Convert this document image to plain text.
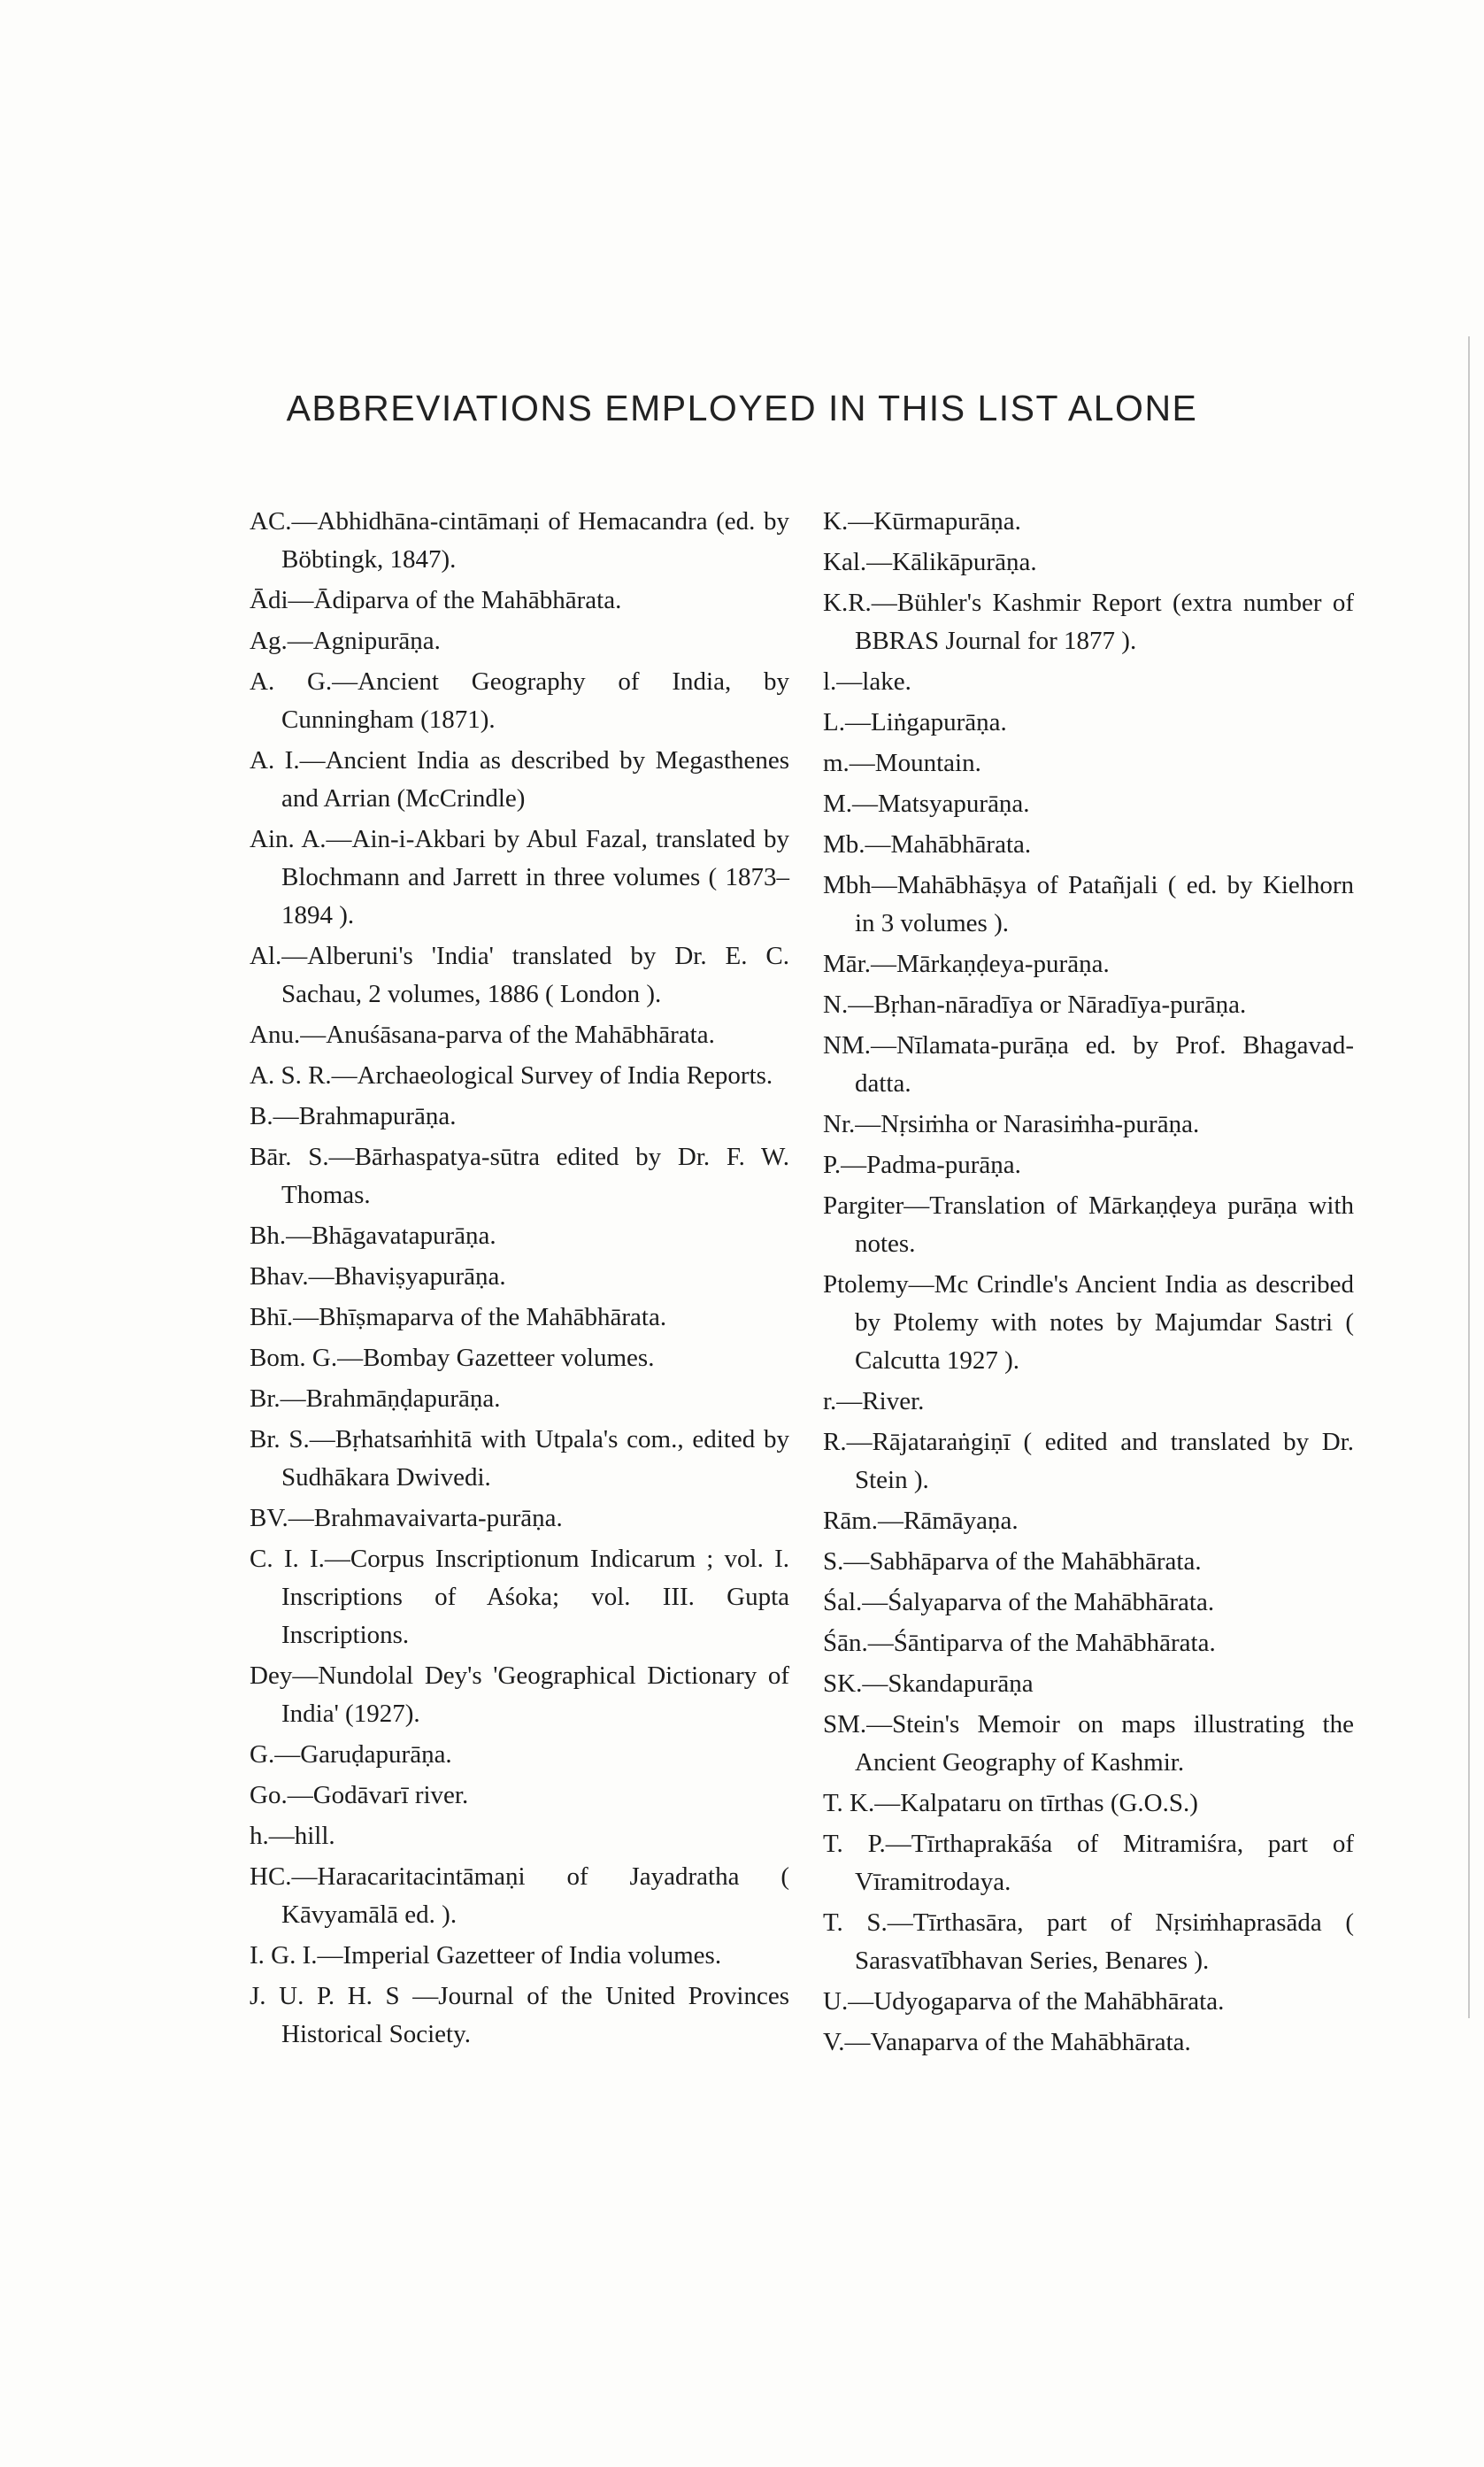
ABBREVIATIONS EMPLOYED IN THIS LIST ALONE

AC.—Abhidhāna-cintāmaṇi of Hemacandra (ed. by Böbtingk, 1847).

Ādi—Ādiparva of the Mahābhārata.

Ag.—Agnipurāṇa.

A. G.—Ancient Geography of India, by Cunningham (1871).

A. I.—Ancient India as described by Megasthenes and Arrian (McCrindle)

Ain. A.—Ain-i-Akbari by Abul Fazal, translated by Blochmann and Jarrett in three volumes ( 1873–1894 ).

Al.—Alberuni's 'India' translated by Dr. E. C. Sachau, 2 volumes, 1886 ( London ).

Anu.—Anuśāsana-parva of the Mahābhārata.

A. S. R.—Archaeological Survey of India Reports.

B.—Brahmapurāṇa.

Bār. S.—Bārhaspatya-sūtra edited by Dr. F. W. Thomas.

Bh.—Bhāgavatapurāṇa.

Bhav.—Bhaviṣyapurāṇa.

Bhī.—Bhīṣmaparva of the Mahābhārata.

Bom. G.—Bombay Gazetteer volumes.

Br.—Brahmāṇḍapurāṇa.

Br. S.—Bṛhatsaṁhitā with Utpala's com., edited by Sudhākara Dwivedi.

BV.—Brahmavaivarta-purāṇa.

C. I. I.—Corpus Inscriptionum Indicarum ; vol. I. Inscriptions of Aśoka; vol. III. Gupta Inscriptions.

Dey—Nundolal Dey's 'Geographical Dictionary of India' (1927).

G.—Garuḍapurāṇa.

Go.—Godāvarī river.

h.—hill.

HC.—Haracaritacintāmaṇi of Jayadratha ( Kāvyamālā ed. ).

I. G. I.—Imperial Gazetteer of India volumes.

J. U. P. H. S —Journal of the United Provinces Historical Society.

K.—Kūrmapurāṇa.

Kal.—Kālikāpurāṇa.

K.R.—Bühler's Kashmir Report (extra number of BBRAS Journal for 1877 ).

l.—lake.

L.—Liṅgapurāṇa.

m.—Mountain.

M.—Matsyapurāṇa.

Mb.—Mahābhārata.

Mbh—Mahābhāṣya of Patañjali ( ed. by Kielhorn in 3 volumes ).

Mār.—Mārkaṇḍeya-purāṇa.

N.—Bṛhan-nāradīya or Nāradīya-purāṇa.

NM.—Nīlamata-purāṇa ed. by Prof. Bhagavad-datta.

Nr.—Nṛsiṁha or Narasiṁha-purāṇa.

P.—Padma-purāṇa.

Pargiter—Translation of Mārkaṇḍeya purāṇa with notes.

Ptolemy—Mc Crindle's Ancient India as described by Ptolemy with notes by Majumdar Sastri ( Calcutta 1927 ).

r.—River.

R.—Rājataraṅgiṇī ( edited and translated by Dr. Stein ).

Rām.—Rāmāyaṇa.

S.—Sabhāparva of the Mahābhārata.

Śal.—Śalyaparva of the Mahābhārata.

Śān.—Śāntiparva of the Mahābhārata.

SK.—Skandapurāṇa

SM.—Stein's Memoir on maps illustrating the Ancient Geography of Kashmir.

T. K.—Kalpataru on tīrthas (G.O.S.)

T. P.—Tīrthaprakāśa of Mitramiśra, part of Vīramitrodaya.

T. S.—Tīrthasāra, part of Nṛsiṁhaprasāda ( Sarasvatībhavan Series, Benares ).

U.—Udyogaparva of the Mahābhārata.

V.—Vanaparva of the Mahābhārata.
